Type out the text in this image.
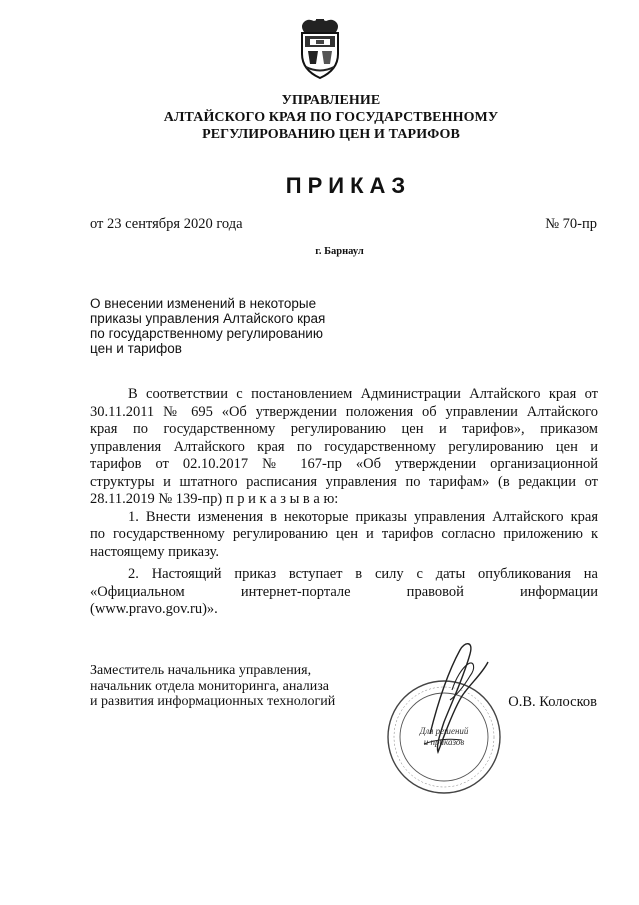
УПРАВЛЕНИЕ
АЛТАЙСКОГО КРАЯ ПО ГОСУДАРСТВЕННОМУ
РЕГУЛИРОВАНИЮ ЦЕН И ТАРИФОВ
ПРИКАЗ
от 23 сентября 2020 года	№ 70-пр
г. Барнаул
О внесении изменений в некоторые
приказы управления Алтайского края
по государственному регулированию
цен и тарифов
В соответствии с постановлением Администрации Алтайского края от
30.11.2011 № 695 «Об утверждении положения об управлении Алтайского
края по государственному регулированию цен и тарифов», приказом
управления Алтайского края по государственному регулированию цен и
тарифов от 02.10.2017 № 167-пр «Об утверждении организационной
структуры и штатного расписания управления по тарифам» (в редакции от
28.11.2019 № 139-пр) п р и к а з ы в а ю:
1. Внести изменения в некоторые приказы управления Алтайского края
по государственному регулированию цен и тарифов согласно приложению к
настоящему приказу.
2. Настоящий приказ вступает в силу с даты опубликования на
«Официальном интернет-портале правовой информации
(www.pravo.gov.ru)».
Заместитель начальника управления,
начальник отдела мониторинга, анализа
и развития информационных технологий
Для решений
и приказов
О.В. Колосков
